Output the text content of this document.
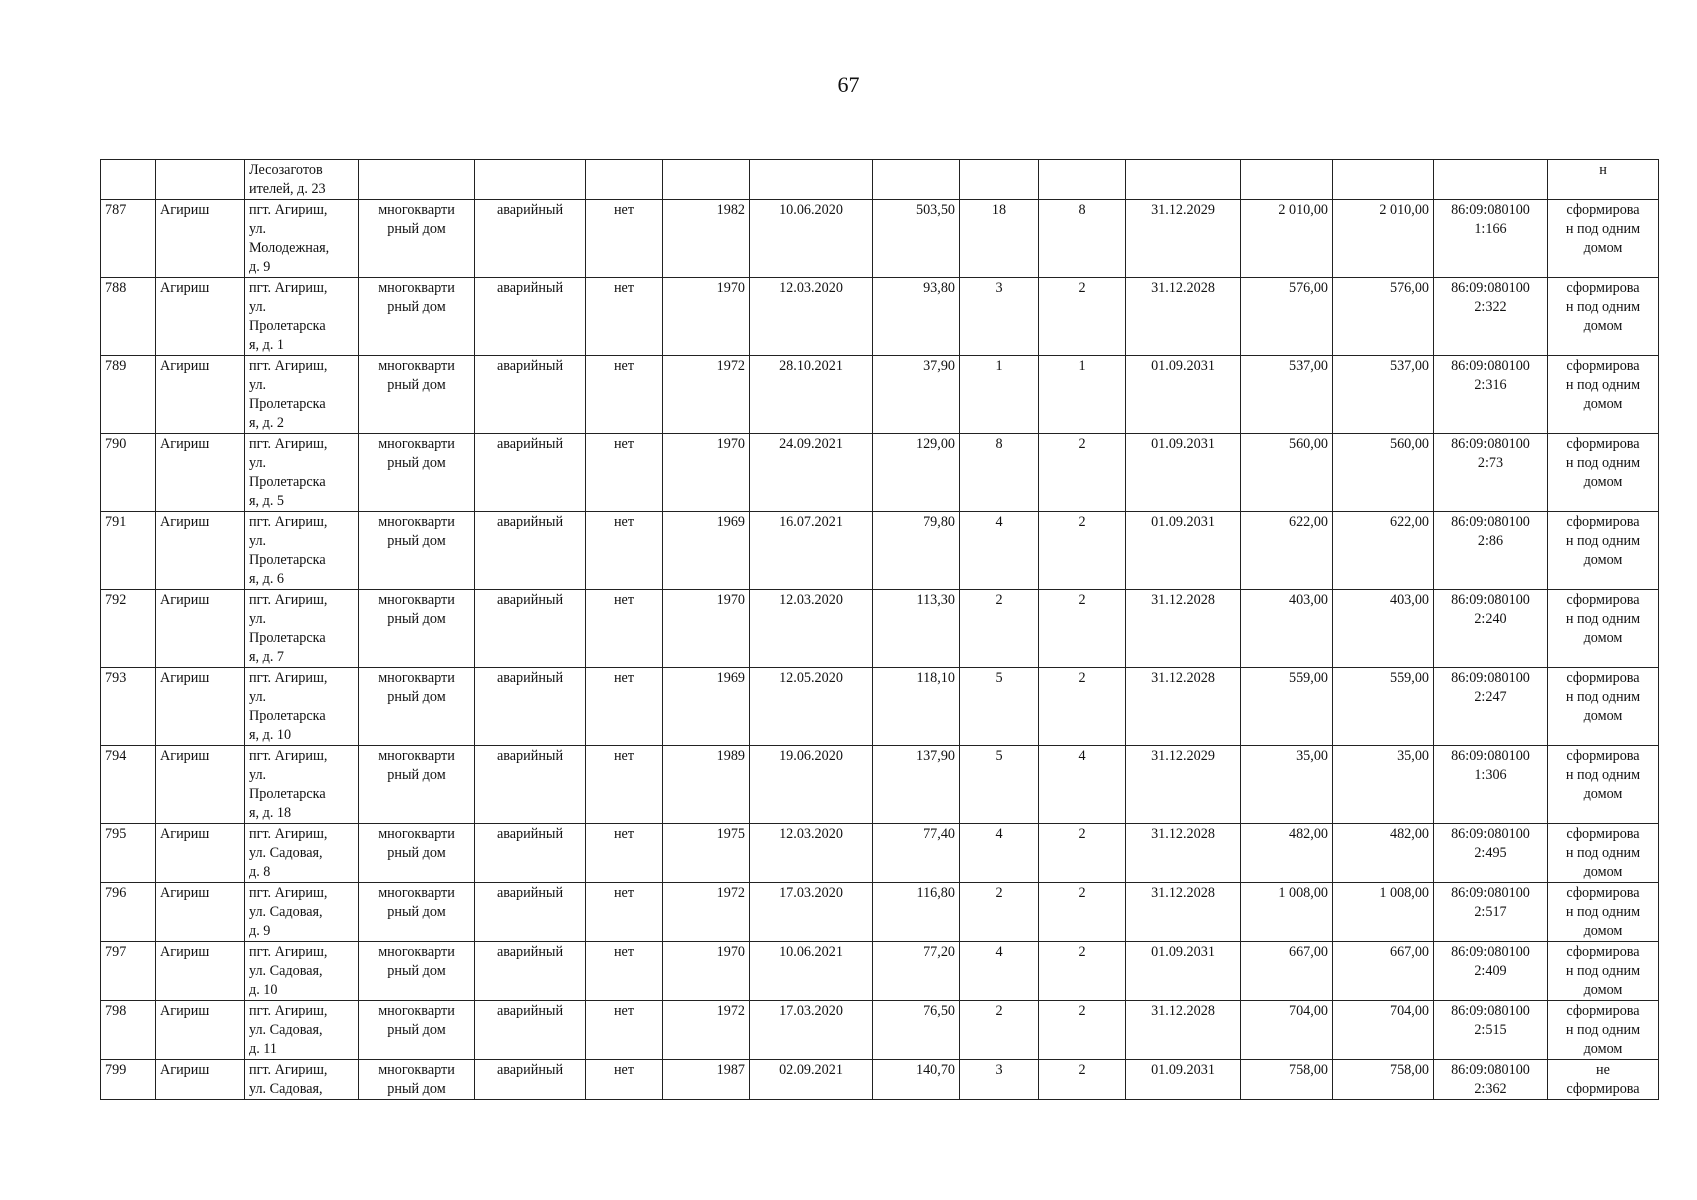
67
		Лесозаготов
ителей, д. 23													н
787	Агириш	пгт. Агириш,
ул.
Молодежная,
д. 9	многокварти
рный дом	аварийный	нет	1982	10.06.2020	503,50	18	8	31.12.2029	2 010,00	2 010,00	86:09:080100
1:166	сформирова
н под одним
домом
788	Агириш	пгт. Агириш,
ул.
Пролетарска
я, д. 1	многокварти
рный дом	аварийный	нет	1970	12.03.2020	93,80	3	2	31.12.2028	576,00	576,00	86:09:080100
2:322	сформирова
н под одним
домом
789	Агириш	пгт. Агириш,
ул.
Пролетарска
я, д. 2	многокварти
рный дом	аварийный	нет	1972	28.10.2021	37,90	1	1	01.09.2031	537,00	537,00	86:09:080100
2:316	сформирова
н под одним
домом
790	Агириш	пгт. Агириш,
ул.
Пролетарска
я, д. 5	многокварти
рный дом	аварийный	нет	1970	24.09.2021	129,00	8	2	01.09.2031	560,00	560,00	86:09:080100
2:73	сформирова
н под одним
домом
791	Агириш	пгт. Агириш,
ул.
Пролетарска
я, д. 6	многокварти
рный дом	аварийный	нет	1969	16.07.2021	79,80	4	2	01.09.2031	622,00	622,00	86:09:080100
2:86	сформирова
н под одним
домом
792	Агириш	пгт. Агириш,
ул.
Пролетарска
я, д. 7	многокварти
рный дом	аварийный	нет	1970	12.03.2020	113,30	2	2	31.12.2028	403,00	403,00	86:09:080100
2:240	сформирова
н под одним
домом
793	Агириш	пгт. Агириш,
ул.
Пролетарска
я, д. 10	многокварти
рный дом	аварийный	нет	1969	12.05.2020	118,10	5	2	31.12.2028	559,00	559,00	86:09:080100
2:247	сформирова
н под одним
домом
794	Агириш	пгт. Агириш,
ул.
Пролетарска
я, д. 18	многокварти
рный дом	аварийный	нет	1989	19.06.2020	137,90	5	4	31.12.2029	35,00	35,00	86:09:080100
1:306	сформирова
н под одним
домом
795	Агириш	пгт. Агириш,
ул. Садовая,
д. 8	многокварти
рный дом	аварийный	нет	1975	12.03.2020	77,40	4	2	31.12.2028	482,00	482,00	86:09:080100
2:495	сформирова
н под одним
домом
796	Агириш	пгт. Агириш,
ул. Садовая,
д. 9	многокварти
рный дом	аварийный	нет	1972	17.03.2020	116,80	2	2	31.12.2028	1 008,00	1 008,00	86:09:080100
2:517	сформирова
н под одним
домом
797	Агириш	пгт. Агириш,
ул. Садовая,
д. 10	многокварти
рный дом	аварийный	нет	1970	10.06.2021	77,20	4	2	01.09.2031	667,00	667,00	86:09:080100
2:409	сформирова
н под одним
домом
798	Агириш	пгт. Агириш,
ул. Садовая,
д. 11	многокварти
рный дом	аварийный	нет	1972	17.03.2020	76,50	2	2	31.12.2028	704,00	704,00	86:09:080100
2:515	сформирова
н под одним
домом
799	Агириш	пгт. Агириш,
ул. Садовая,	многокварти
рный дом	аварийный	нет	1987	02.09.2021	140,70	3	2	01.09.2031	758,00	758,00	86:09:080100
2:362	не
сформирова
